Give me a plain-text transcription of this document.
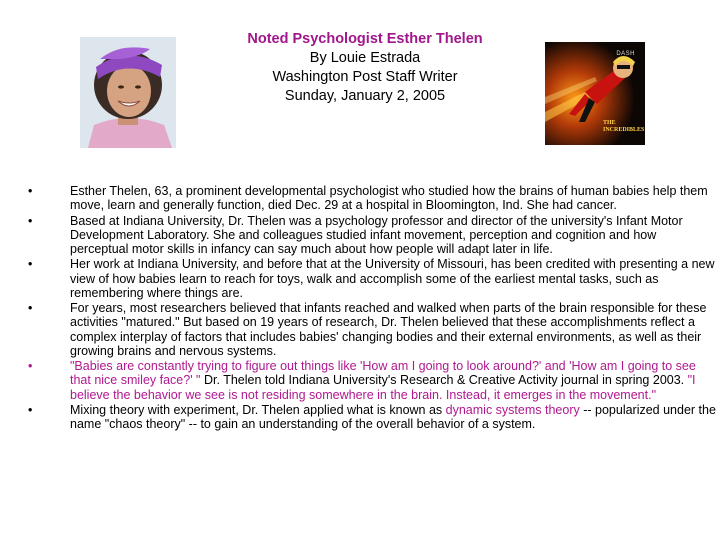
Noted Psychologist Esther Thelen
By Louie Estrada
Washington Post Staff Writer
Sunday, January 2, 2005
DASH
THE INCREDIBLES
•	Esther Thelen, 63, a prominent developmental psychologist who studied how the brains of human babies help them move, learn and generally function, died Dec. 29 at a hospital in Bloomington, Ind. She had cancer.
•	Based at Indiana University, Dr. Thelen was a psychology professor and director of the university's Infant Motor Development Laboratory. She and colleagues studied infant movement, perception and cognition and how perceptual motor skills in infancy can say much about how people will adapt later in life.
•	Her work at Indiana University, and before that at the University of Missouri, has been credited with presenting a new view of how babies learn to reach for toys, walk and accomplish some of the earliest mental tasks, such as remembering where things are.
•	For years, most researchers believed that infants reached and walked when parts of the brain responsible for these activities "matured." But based on 19 years of research, Dr. Thelen believed that these accomplishments reflect a complex interplay of factors that includes babies' changing bodies and their external environments, as well as their growing brains and nervous systems.
•	"Babies are constantly trying to figure out things like 'How am I going to look around?' and 'How am I going to see that nice smiley face?' " Dr. Thelen told Indiana University's Research & Creative Activity journal in spring 2003. "I believe the behavior we see is not residing somewhere in the brain. Instead, it emerges in the movement."
•	Mixing theory with experiment, Dr. Thelen applied what is known as dynamic systems theory -- popularized under the name "chaos theory" -- to gain an understanding of the overall behavior of a system.
